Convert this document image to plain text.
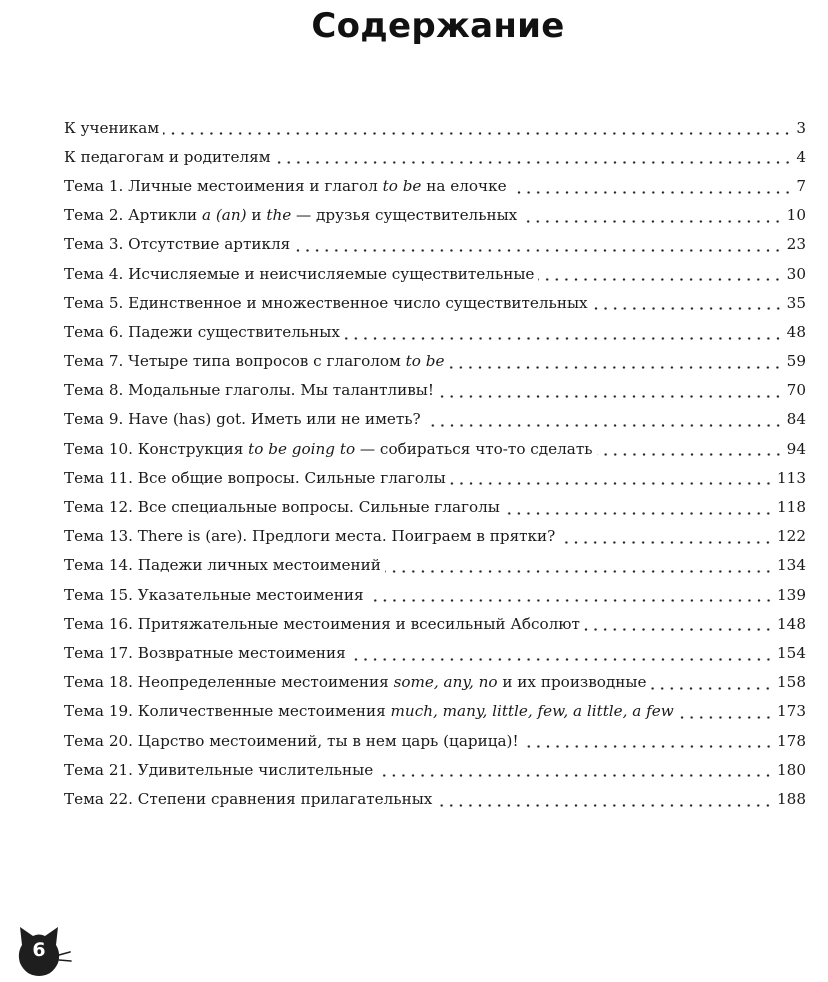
Содержание
К ученикам	3
К педагогам и родителям	4
Тема 1. Личные местоимения и глагол to be на елочке	7
Тема 2. Артикли a (an) и the — друзья существительных	10
Тема 3. Отсутствие артикля	23
Тема 4. Исчисляемые и неисчисляемые существительные	30
Тема 5. Единственное и множественное число существительных	35
Тема 6. Падежи существительных	48
Тема 7. Четыре типа вопросов с глаголом to be	59
Тема 8. Модальные глаголы. Мы талантливы!	70
Тема 9. Have (has) got. Иметь или не иметь?	84
Тема 10. Конструкция to be going to — собираться что-то сделать	94
Тема 11. Все общие вопросы. Сильные глаголы	113
Тема 12. Все специальные вопросы. Сильные глаголы	118
Тема 13. There is (are). Предлоги места. Поиграем в прятки?	122
Тема 14. Падежи личных местоимений	134
Тема 15. Указательные местоимения	139
Тема 16. Притяжательные местоимения и всесильный Абсолют	148
Тема 17. Возвратные местоимения	154
Тема 18. Неопределенные местоимения some, any, no и их производные	158
Тема 19. Количественные местоимения much, many, little, few, a little, a few	173
Тема 20. Царство местоимений, ты в нем царь (царица)!	178
Тема 21. Удивительные числительные	180
Тема 22. Степени сравнения прилагательных	188
6
